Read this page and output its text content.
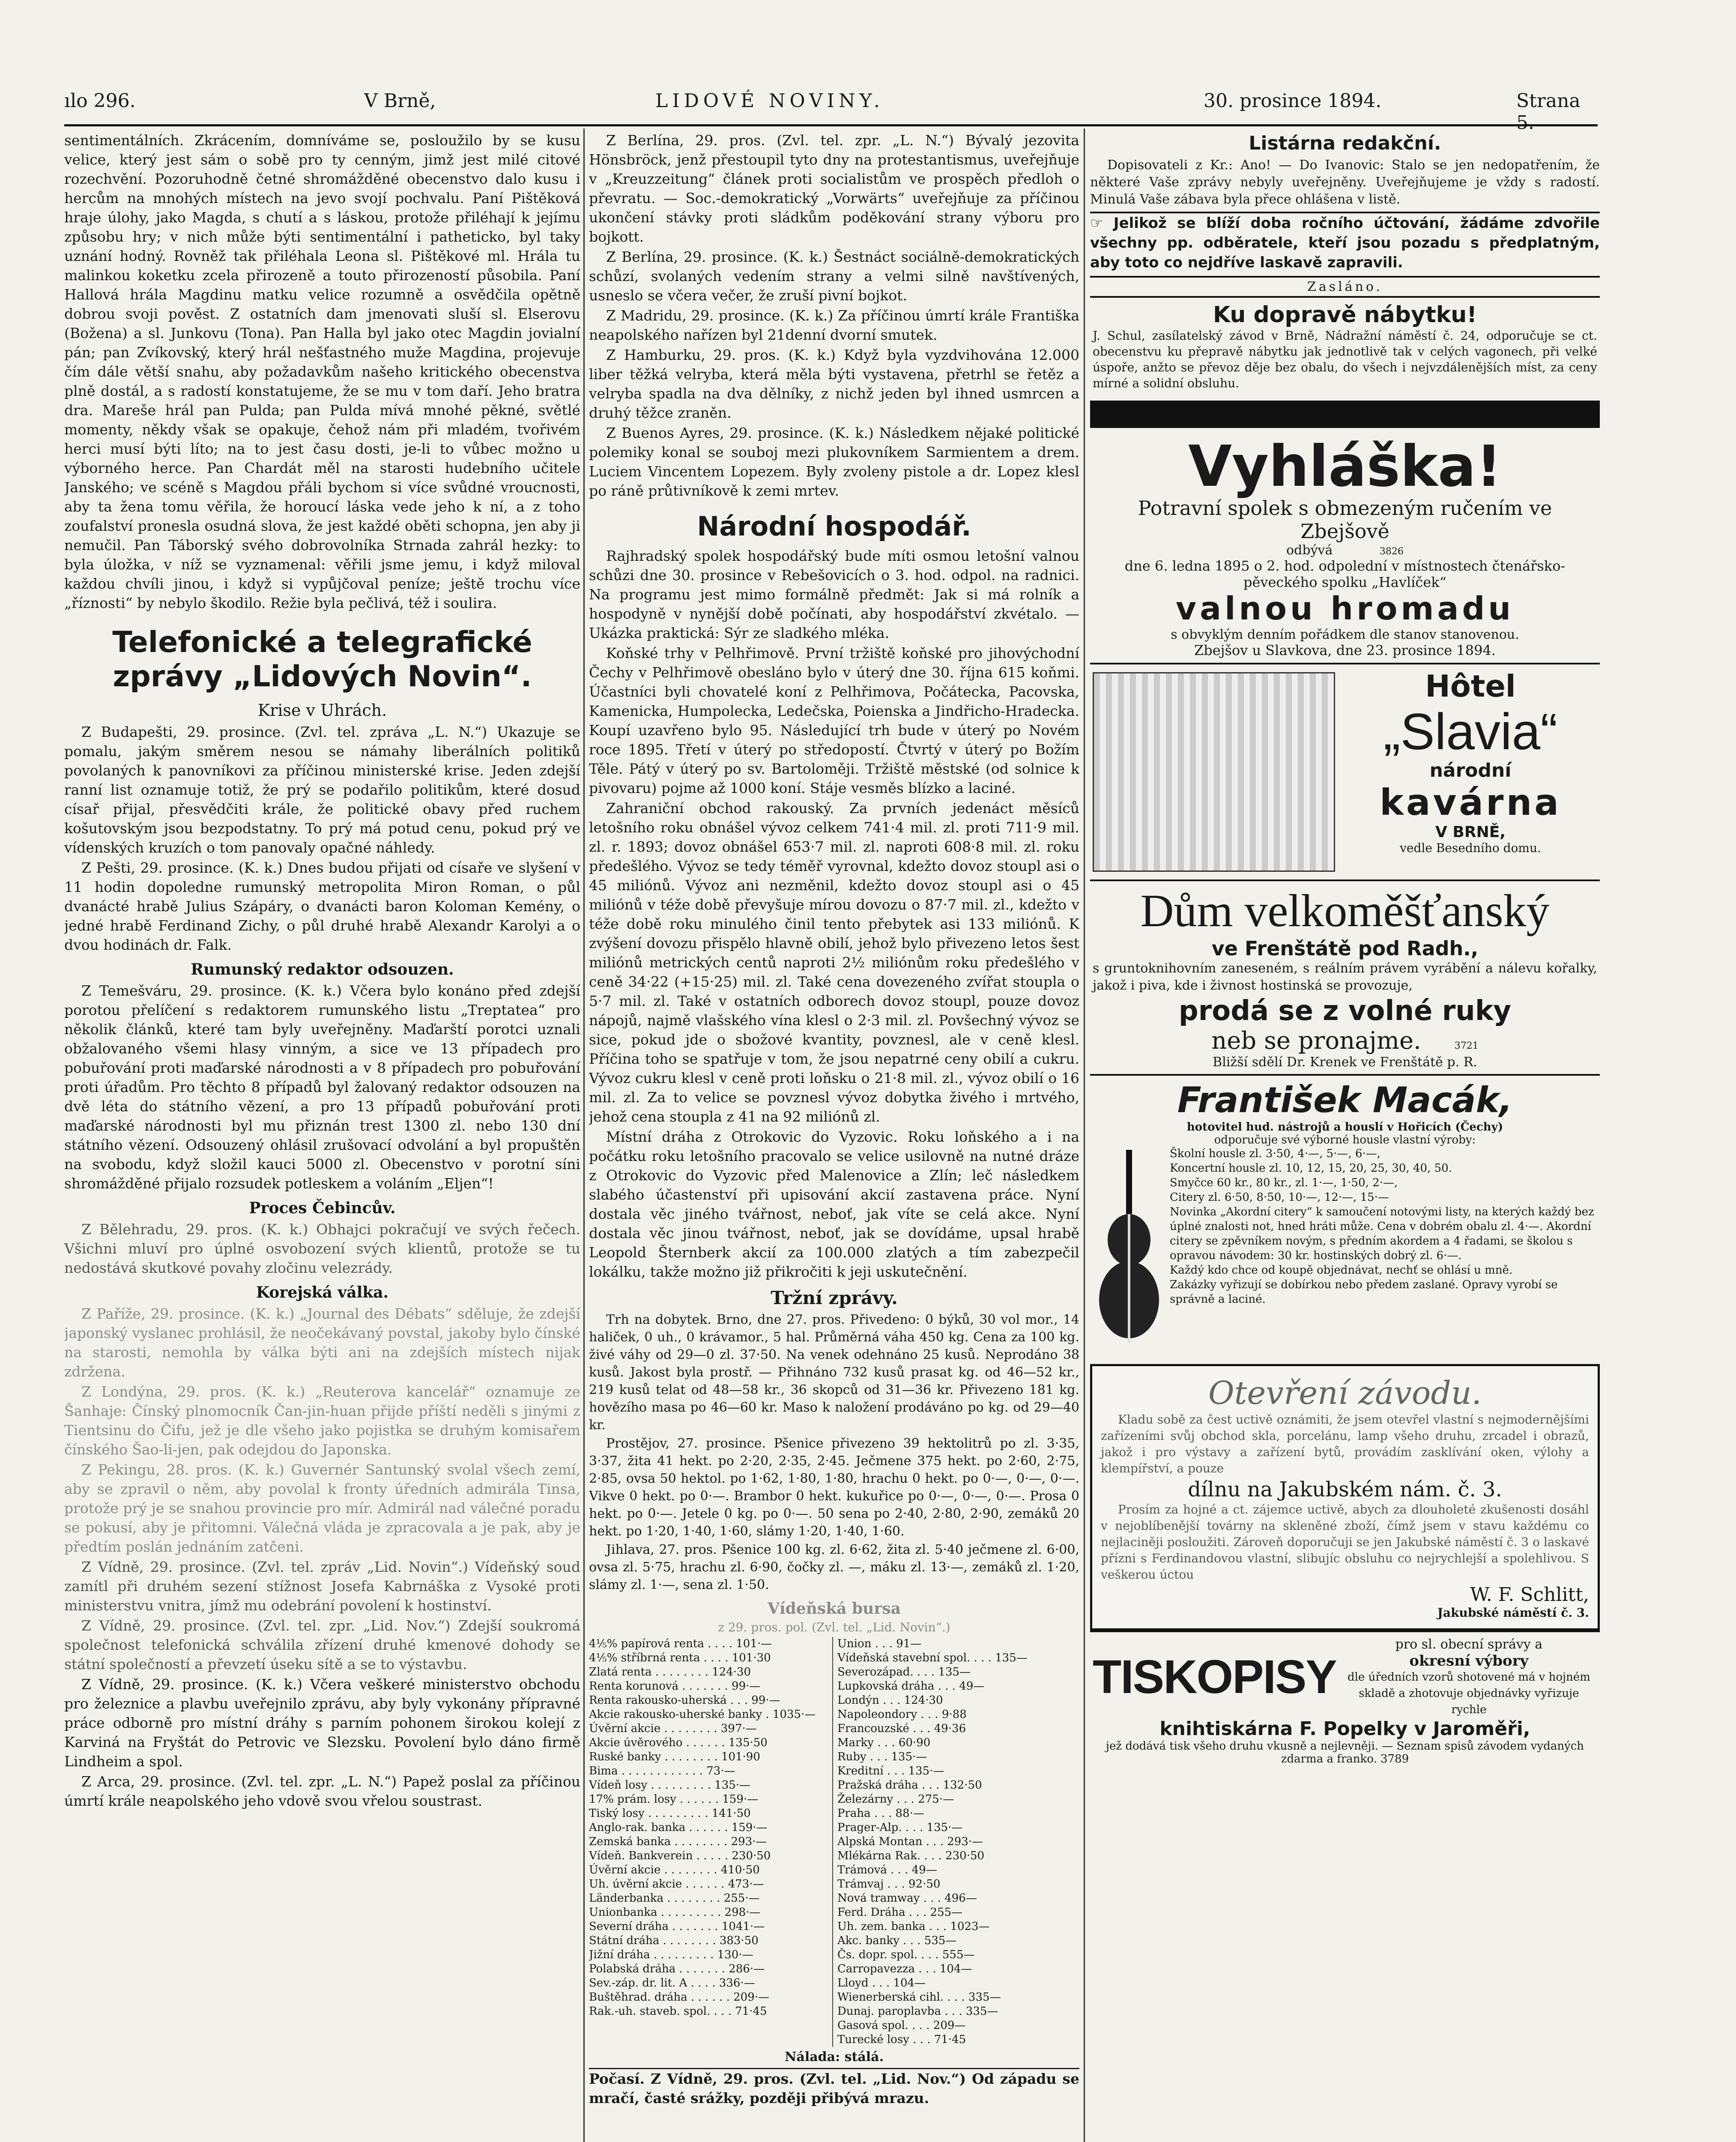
ılo 296.	V Brně,	LIDOVÉ NOVINY.	30. prosince 1894.	Strana 5.

sentimentálních. Zkrácením, domníváme se, posloužilo by se kusu velice, který jest sám o sobě pro ty cenným, jimž jest milé citové rozechvění. Pozoruhodně četné shromážděné obecenstvo dalo kusu i hercům na mnohých místech na jevo svojí pochvalu. Paní Pištěková hraje úlohy, jako Magda, s chutí a s láskou, protože přiléhají k jejímu způsobu hry; v nich může býti sentimentální i patheticko, byl taky uznání hodný. Rovněž tak přiléhala Leona sl. Pištěkové ml. Hrála tu malinkou koketku zcela přirozeně a touto přirozeností působila. Paní Hallová hrála Magdinu matku velice rozumně a osvědčila opětně dobrou svoji pověst. Z ostatních dam jmenovati sluší sl. Elserovu (Božena) a sl. Junkovu (Tona). Pan Halla byl jako otec Magdin jovialní pán; pan Zvíkovský, který hrál nešťastného muže Magdina, projevuje čím dále větší snahu, aby požadavkům našeho kritického obecenstva plně dostál, a s radostí konstatujeme, že se mu v tom daří. Jeho bratra dra. Mareše hrál pan Pulda; pan Pulda mívá mnohé pěkné, světlé momenty, někdy však se opakuje, čehož nám při mladém, tvořivém herci musí býti líto; na to jest času dosti, je-li to vůbec možno u výborného herce. Pan Chardát měl na starosti hudebního učitele Janského; ve scéně s Magdou přáli bychom si více svůdné vroucnosti, aby ta žena tomu věřila, že horoucí láska vede jeho k ní, a z toho zoufalství pronesla osudná slova, že jest každé oběti schopna, jen aby ji nemučil. Pan Táborský svého dobrovolníka Strnada zahrál hezky: to byla úložka, v níž se vyznamenal: věřili jsme jemu, i když miloval každou chvíli jinou, i když si vypůjčoval peníze; ještě trochu více „říznosti“ by nebylo škodilo. Režie byla pečlivá, též i soulira.

Telefonické a telegrafické zprávy „Lidových Novin“.
Krise v Uhrách.

Z Budapešti, 29. prosince. (Zvl. tel. zpráva „L. N.“) Ukazuje se pomalu, jakým směrem nesou se námahy liberálních politiků povolaných k panovníkovi za příčinou ministerské krise. Jeden zdejší ranní list oznamuje totiž, že prý se podařilo politikům, které dosud císař přijal, přesvědčiti krále, že politické obavy před ruchem košutovským jsou bezpodstatny. To prý má potud cenu, pokud prý ve vídenských kruzích o tom panovaly opačné náhledy.

Z Pešti, 29. prosince. (K. k.) Dnes budou přijati od císaře ve slyšení v 11 hodin dopoledne rumunský metropolita Miron Roman, o půl dvanácté hrabě Julius Szápáry, o dvanácti baron Koloman Kemény, o jedné hrabě Ferdinand Zichy, o půl druhé hrabě Alexandr Karolyi a o dvou hodinách dr. Falk.

Rumunský redaktor odsouzen.

Z Temešváru, 29. prosince. (K. k.) Včera bylo konáno před zdejší porotou přelíčení s redaktorem rumunského listu „Treptatea“ pro několik článků, které tam byly uveřejněny. Maďarští porotci uznali obžalovaného všemi hlasy vinným, a sice ve 13 případech pro pobuřování proti maďarské národnosti a v 8 případech pro pobuřování proti úřadům. Pro těchto 8 případů byl žalovaný redaktor odsouzen na dvě léta do státního vězení, a pro 13 případů pobuřování proti maďarské národnosti byl mu přiznán trest 1300 zl. nebo 130 dní státního vězení. Odsouzený ohlásil zrušovací odvolání a byl propuštěn na svobodu, když složil kauci 5000 zl. Obecenstvo v porotní síni shromážděné přijalo rozsudek potleskem a voláním „Eljen“!

Proces Čebincův.

Z Bělehradu, 29. pros. (K. k.) Obhajci pokračují ve svých řečech. Všichni mluví pro úplné osvobození svých klientů, protože se tu nedostává skutkové povahy zločinu velezrády.

Korejská válka.

Z Paříže, 29. prosince. (K. k.) „Journal des Débats“ sděluje, že zdejší japonský vyslanec prohlásil, že neočekávaný povstal, jakoby bylo čínské na starosti, nemohla by válka býti ani na zdejších místech nijak zdržena.

Z Londýna, 29. pros. (K. k.) „Reuterova kancelář“ oznamuje ze Šanhaje: Čínský plnomocník Čan-jin-huan přijde příští neděli s jinými z Tientsinu do Čifu, jež je dle všeho jako pojistka se druhým komisařem čínského Šao-li-jen, pak odejdou do Japonska.

Z Pekingu, 28. pros. (K. k.) Guvernér Santunský svolal všech zemí, aby se zpravil o něm, aby povolal k fronty úředních admirála Tinsa, protože prý je se snahou provincie pro mír. Admirál nad válečné poradu se pokusí, aby je přitomni. Válečná vláda je zpracovala a je pak, aby je předtím poslán jednáním zatčeni.

Z Vídně, 29. prosince. (Zvl. tel. zpráv „Lid. Novin“.) Vídeňský soud zamítl při druhém sezení stížnost Josefa Kabrnáška z Vysoké proti ministerstvu vnitra, jímž mu odebrání povolení k hostinství.

Z Vídně, 29. prosince. (Zvl. tel. zpr. „Lid. Nov.“) Zdejší soukromá společnost telefonická schválila zřízení druhé kmenové dohody se státní společností a převzetí úseku sítě a se to výstavbu.

Z Vídně, 29. prosince. (K. k.) Včera veškeré ministerstvo obchodu pro železnice a plavbu uveřejnilo zprávu, aby byly vykonány přípravné práce odborně pro místní dráhy s parním pohonem širokou kolejí z Karviná na Fryštát do Petrovic ve Slezsku. Povolení bylo dáno firmě Lindheim a spol.

Z Arca, 29. prosince. (Zvl. tel. zpr. „L. N.“) Papež poslal za příčinou úmrtí krále neapolského jeho vdově svou vřelou soustrast.

Z Berlína, 29. pros. (Zvl. tel. zpr. „L. N.“) Bývalý jezovita Hönsbröck, jenž přestoupil tyto dny na protestantismus, uveřejňuje v „Kreuzzeitung“ článek proti socialistům ve prospěch předloh o převratu. — Soc.-demokratický „Vorwärts“ uveřejňuje za příčinou ukončení stávky proti sládkům poděkování strany výboru pro bojkott.

Z Berlína, 29. prosince. (K. k.) Šestnáct sociálně-demokratických schůzí, svolaných vedením strany a velmi silně navštívených, usneslo se včera večer, že zruší pivní bojkot.

Z Madridu, 29. prosince. (K. k.) Za příčinou úmrtí krále Františka neapolského nařízen byl 21denní dvorní smutek.

Z Hamburku, 29. pros. (K. k.) Když byla vyzdvihována 12.000 liber těžká velryba, která měla býti vystavena, přetrhl se řetěz a velryba spadla na dva dělníky, z nichž jeden byl ihned usmrcen a druhý těžce zraněn.

Z Buenos Ayres, 29. prosince. (K. k.) Následkem nějaké politické polemiky konal se souboj mezi plukovníkem Sarmientem a drem. Luciem Vincentem Lopezem. Byly zvoleny pistole a dr. Lopez klesl po ráně průtivníkově k zemi mrtev.

Národní hospodář.

Rajhradský spolek hospodářský bude míti osmou letošní valnou schůzi dne 30. prosince v Rebešovicích o 3. hod. odpol. na radnici. Na programu jest mimo formálně předmět: Jak si má rolník a hospodyně v nynější době počínati, aby hospodářství zkvétalo. — Ukázka praktická: Sýr ze sladkého mléka.

Koňské trhy v Pelhřimově. První tržiště koňské pro jihovýchodní Čechy v Pelhřimově obesláno bylo v úterý dne 30. října 615 koňmi. Účastníci byli chovatelé koní z Pelhřimova, Počátecka, Pacovska, Kamenicka, Humpolecka, Ledečska, Poienska a Jindřicho-Hradecka. Koupí uzavřeno bylo 95. Následující trh bude v úterý po Novém roce 1895. Třetí v úterý po středopostí. Čtvrtý v úterý po Božím Těle. Pátý v úterý po sv. Bartoloměji. Tržiště městské (od solnice k pivovaru) pojme až 1000 koní. Stáje vesměs blízko a laciné.

Zahraniční obchod rakouský. Za prvních jedenáct měsíců letošního roku obnášel vývoz celkem 741·4 mil. zl. proti 711·9 mil. zl. r. 1893; dovoz obnášel 653·7 mil. zl. naproti 608·8 mil. zl. roku předešlého. Vývoz se tedy téměř vyrovnal, kdežto dovoz stoupl asi o 45 miliónů. Vývoz ani nezměnil, kdežto dovoz stoupl asi o 45 miliónů v téže době převyšuje mírou dovozu o 87·7 mil. zl., kdežto v téže době roku minulého činil tento přebytek asi 133 miliónů. K zvýšení dovozu přispělo hlavně obilí, jehož bylo přivezeno letos šest miliónů metrických centů naproti 2½ miliónům roku předešlého v ceně 34·22 (+15·25) mil. zl. Také cena dovezeného zvířat stoupla o 5·7 mil. zl. Také v ostatních odborech dovoz stoupl, pouze dovoz nápojů, najmě vlašského vína klesl o 2·3 mil. zl. Povšechný vývoz se sice, pokud jde o sbožové kvantity, povznesl, ale v ceně klesl. Příčina toho se spatřuje v tom, že jsou nepatrné ceny obilí a cukru. Vývoz cukru klesl v ceně proti loňsku o 21·8 mil. zl., vývoz obilí o 16 mil. zl. Za to velice se povznesl vývoz dobytka živého i mrtvého, jehož cena stoupla z 41 na 92 miliónů zl.

Místní dráha z Otrokovic do Vyzovic. Roku loňského a i na počátku roku letošního pracovalo se velice usilovně na nutné dráze z Otrokovic do Vyzovic před Malenovice a Zlín; leč následkem slabého účastenství při upisování akcií zastavena práce. Nyní dostala věc jiného tvářnost, neboť, jak víte se celá akce. Nyní dostala věc jinou tvářnost, neboť, jak se dovídáme, upsal hrabě Leopold Šternberk akcií za 100.000 zlatých a tím zabezpečil lokálku, takže možno již přikročiti k jeji uskutečnění.

Tržní zprávy.

Trh na dobytek. Brno, dne 27. pros. Přivedeno: 0 býků, 30 vol mor., 14 haliček, 0 uh., 0 krávamor., 5 hal. Průměrná váha 450 kg. Cena za 100 kg. živé váhy od 29—0 zl. 37·50. Na venek odehnáno 25 kusů. Neprodáno 38 kusů. Jakost byla prostř. — Přihnáno 732 kusů prasat kg. od 46—52 kr., 219 kusů telat od 48—58 kr., 36 skopců od 31—36 kr. Přivezeno 181 kg. hovězího masa po 46—60 kr. Maso k naložení prodáváno po kg. od 29—40 kr.

Prostějov, 27. prosince. Pšenice přivezeno 39 hektolitrů po zl. 3·35, 3·37, žita 41 hekt. po 2·20, 2·35, 2·45. Ječmene 375 hekt. po 2·60, 2·75, 2·85, ovsa 50 hektol. po 1·62, 1·80, 1·80, hrachu 0 hekt. po 0·—, 0·—, 0·—. Vikve 0 hekt. po 0·—. Brambor 0 hekt. kukuřice po 0·—, 0·—, 0·—. Prosa 0 hekt. po 0·—. Jetele 0 kg. po 0·—. 50 sena po 2·40, 2·80, 2·90, zemáků 20 hekt. po 1·20, 1·40, 1·60, slámy 1·20, 1·40, 1·60.

Jihlava, 27. pros. Pšenice 100 kg. zl. 6·62, žita zl. 5·40 ječmene zl. 6·00, ovsa zl. 5·75, hrachu zl. 6·90, čočky zl. —, máku zl. 13·—, zemáků zl. 1·20, slámy zl. 1·—, sena zl. 1·50.

Vídeňská bursa
z 29. pros. pol. (Zvl. tel. „Lid. Novin“.)
4⅕% papírová renta . . . . 101·—
4⅕% stříbrná renta . . . . 101·30
Zlatá renta . . . . . . . . 124·30
Renta korunová . . . . . . . 99·—
Renta rakousko-uherská . . . 99·—
Akcie rakousko-uherské banky . 1035·—
Úvěrní akcie . . . . . . . . 397·—
Akcie úvěrového . . . . . . 135·50
Ruské banky . . . . . . . . 101·90
Bima . . . . . . . . . . . . 73·—
Vídeň losy . . . . . . . . . 135·—
17% prám. losy . . . . . . 159·—
Tiský losy . . . . . . . . . 141·50
Anglo-rak. banka . . . . . . 159·—
Zemská banka . . . . . . . . 293·—
Vídeň. Bankverein . . . . . 230·50
Úvěrní akcie . . . . . . . . 410·50
Uh. úvěrní akcie . . . . . . 473·—
Länderbanka . . . . . . . . 255·—
Unionbanka . . . . . . . . . 298·—
Severní dráha . . . . . . . 1041·—
Státní dráha . . . . . . . . 383·50
Jižní dráha . . . . . . . . . 130·—
Polabská dráha . . . . . . . 286·—
Sev.-záp. dr. lit. A . . . . 336·—
Buštěhrad. dráha . . . . . . 209·—
Rak.-uh. staveb. spol. . . . 71·45
Union . . . 91—
Vídeňská stavební spol. . . . 135—
Severozápad. . . . 135—
Lupkovská dráha . . . 49—
Londýn . . . 124·30
Napoleondory . . . 9·88
Francouzské . . . 49·36
Marky . . . 60·90
Ruby . . . 135·—
Kreditní . . . 135·—
Pražská dráha . . . 132·50
Železárny . . . 275·—
Praha . . . 88·—
Prager-Alp. . . . 135·—
Alpská Montan . . . 293·—
Mlékárna Rak. . . . 230·50
Trámová . . . 49—
Trámvaj . . . 92·50
Nová tramway . . . 496—
Ferd. Dráha . . . 255—
Uh. zem. banka . . . 1023—
Akc. banky . . . 535—
Čs. dopr. spol. . . . 555—
Carropavezza . . . 104—
Lloyd . . . 104—
Wienerberská cihl. . . . 335—
Dunaj. paroplavba . . . 335—
Gasová spol. . . . 209—
Turecké losy . . . 71·45
Nálada: stálá.

Počasí. Z Vídně, 29. pros. (Zvl. tel. „Lid. Nov.“) Od západu se mračí, časté srážky, později přibývá mrazu.

Listárna redakční.

Dopisovateli z Kr.: Ano! — Do Ivanovic: Stalo se jen nedopatřením, že některé Vaše zprávy nebyly uveřejněny. Uveřejňujeme je vždy s radostí. Minulá Vaše zábava byla přece ohlášena v listě.

☞ Jelikož se blíží doba ročního účtování, žádáme zdvořile všechny pp. odběratele, kteří jsou pozadu s předplatným, aby toto co nejdříve laskavě zapravili.

Zasláno.
Ku dopravě nábytku!

J. Schul, zasílatelský závod v Brně, Nádražní náměstí č. 24, odporučuje se ct. obecenstvu ku přepravě nábytku jak jednotlivě tak v celých vagonech, při velké úspoře, anžto se převoz děje bez obalu, do všech i nejvzdálenějších míst, za ceny mírné a solidní obsluhu.

Vyhláška!
Potravní spolek s obmezeným ručením ve Zbejšově
odbývá	3826
dne 6. ledna 1895 o 2. hod. odpolední v místnostech čtenářsko-pěveckého spolku „Havlíček“
valnou hromadu
s obvyklým denním pořádkem dle stanov stanovenou.
Zbejšov u Slavkova, dne 23. prosince 1894.
Hôtel
„Slavia“
národní
kavárna
V BRNĚ,
vedle Besedního domu.
Dům velkoměšťanský
ve Frenštátě pod Radh.,

s gruntoknihovním zaneseném, s reálním právem vyrábění a nálevu kořalky, jakož i piva, kde i živnost hostinská se provozuje,

prodá se z volné ruky
neb se pronajme.	3721
Bližší sdělí Dr. Krenek ve Frenštátě p. R.
František Macák,
hotovitel hud. nástrojů a houslí v Hořicích (Čechy)
odporučuje své výborné housle vlastní výroby:
Školní housle zl. 3·50, 4·—, 5·—, 6·—,
Koncertní housle zl. 10, 12, 15, 20, 25, 30, 40, 50.
Smyčce 60 kr., 80 kr., zl. 1·—, 1·50, 2·—,
Citery zl. 6·50, 8·50, 10·—, 12·—, 15·—
Novinka „Akordní citery“ k samoučení notovými listy, na kterých každý bez úplné znalosti not, hned hráti může. Cena v dobrém obalu zl. 4·—. Akordní citery se zpěvníkem novým, s předním akordem a 4 řadami, se školou s opravou návodem: 30 kr. hostinských dobrý zl. 6·—.
Každý kdo chce od koupě objednávat, nechť se ohlásí u mně.
Zakázky vyřizují se dobírkou nebo předem zaslané. Opravy vyrobí se správně a laciné.
Otevření závodu.

Kladu sobě za čest uctivě oznámiti, že jsem otevřel vlastní s nejmodernějšími zařízeními svůj obchod skla, porcelánu, lamp všeho druhu, zrcadel i obrazů, jakož i pro výstavy a zařízení bytů, provádím zasklívání oken, výlohy a klempířství, a pouze

dílnu na Jakubském nám. č. 3.

Prosím za hojné a ct. zájemce uctivě, abych za dlouholeté zkušenosti dosáhl v nejoblíbenější továrny na skleněné zboží, čímž jsem v stavu každému co nejlaciněji posloužiti. Zároveň doporučuji se jen Jakubské náměstí č. 3 o laskavé přízni s Ferdinandovou vlastní, slibujíc obsluhu co nejrychlejší a spolehlivou. S veškerou úctou

W. F. Schlitt,
Jakubské náměstí č. 3.
TISKOPISY
pro sl. obecní správy a
okresní výbory
dle úředních vzorů shotovené má v hojném skladě a zhotovuje objednávky vyřizuje rychle
knihtiskárna F. Popelky v Jaroměři,
jež dodává tisk všeho druhu vkusně a nejlevněji. — Seznam spisů závodem vydaných zdarma a franko. 3789
